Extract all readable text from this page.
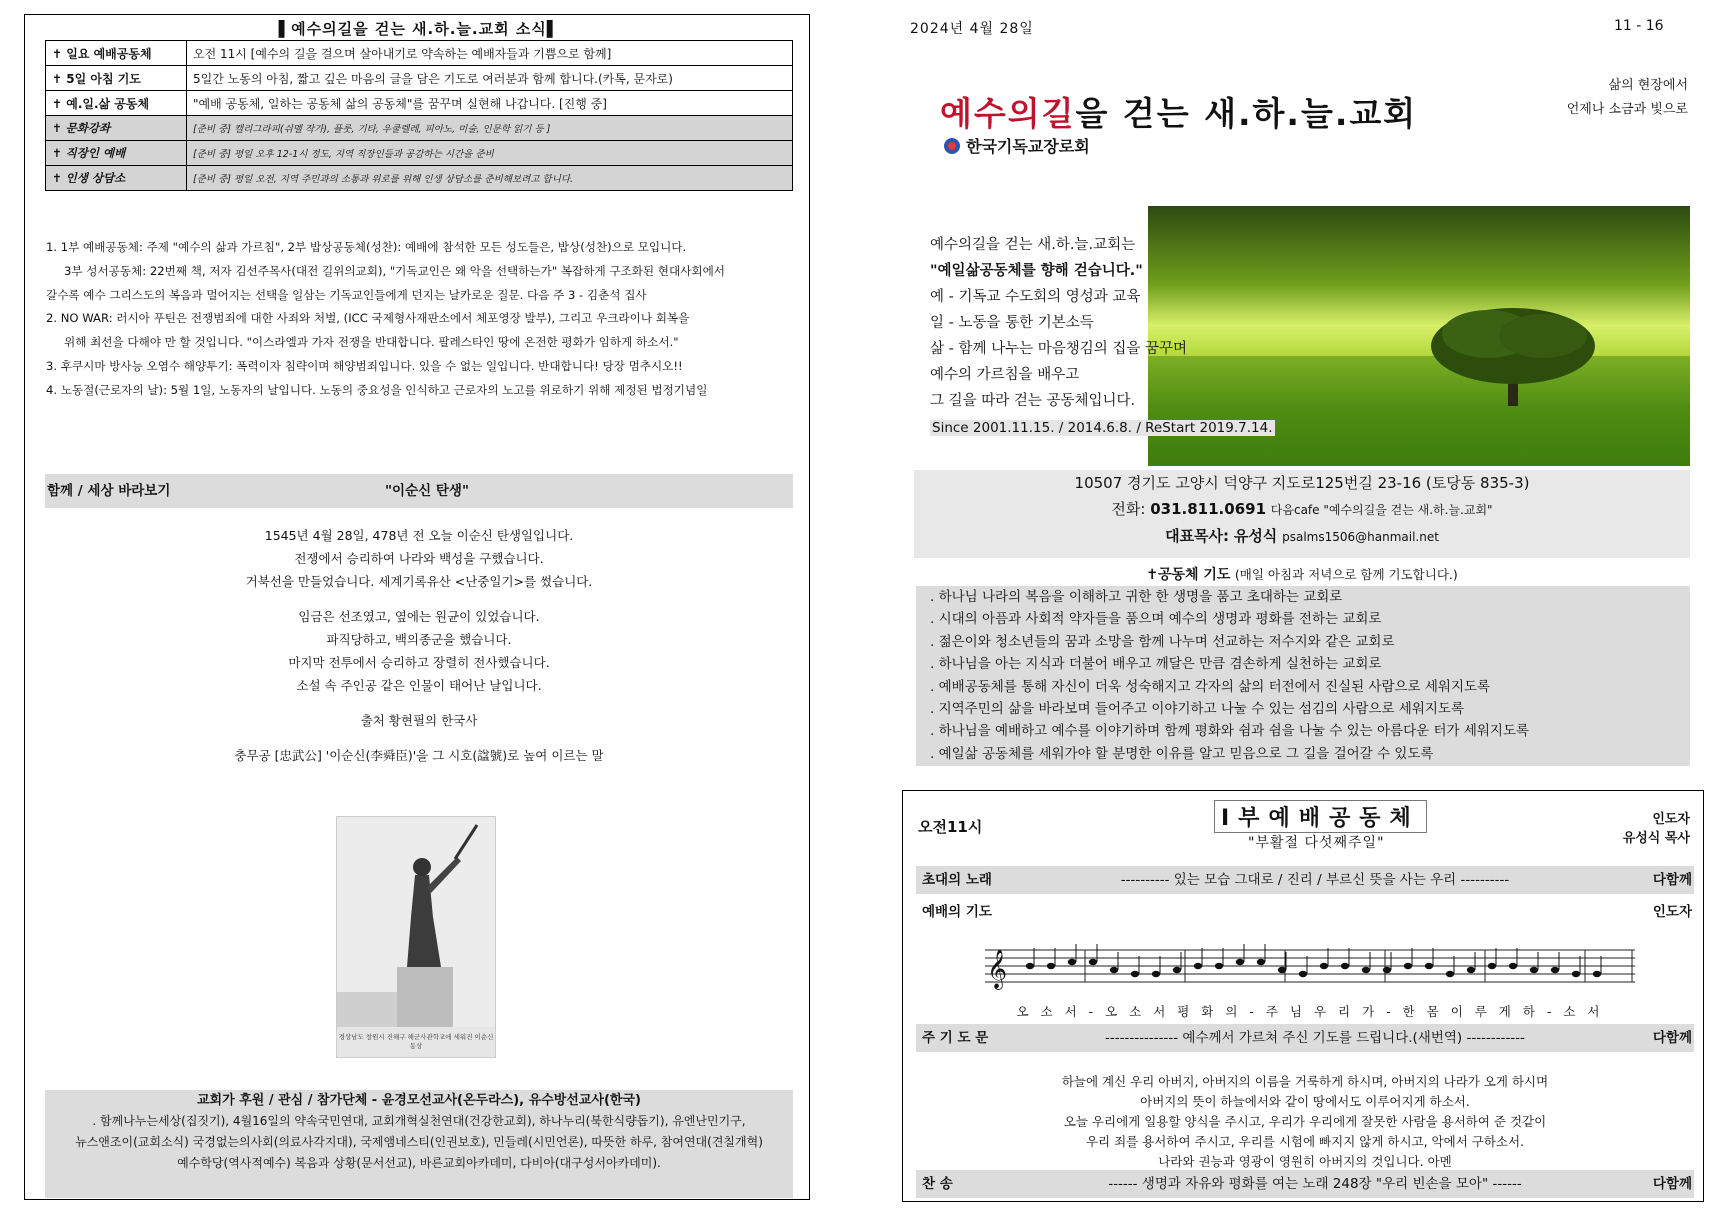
▌예수의길을 걷는 새.하.늘.교회 소식▌
✝ 일요 예배공동체	오전 11시 [예수의 길을 걸으며 살아내기로 약속하는 예배자들과 기쁨으로 함께]
✝ 5일 아침 기도	5일간 노동의 아침, 짧고 깊은 마음의 글을 담은 기도로 여러분과 함께 합니다.(카톡, 문자로)
✝ 예.일.삶 공동체	"예배 공동체, 일하는 공동체 삶의 공동체"를 꿈꾸며 실현해 나갑니다. [진행 중]
✝ 문화강좌	[준비 중] 캘리그라피(쉬멜 작가), 플룻, 기타, 우쿨렐레, 피아노, 미술, 인문학 읽기 등 ]
✝ 직장인 예배	[준비 중] 평일 오후 12-1시 정도, 지역 직장인들과 공감하는 시간을 준비
✝ 인생 상담소	[준비 중] 평일 오전, 지역 주민과의 소통과 위로를 위해 인생 상담소를 준비해보려고 합니다.
1. 1부 예배공동체: 주제 "예수의 삶과 가르침", 2부 밥상공동체(성찬): 예배에 참석한 모든 성도들은, 밥상(성찬)으로 모입니다.
3부 성서공동체: 22번째 책, 저자 김선주목사(대전 길위의교회), "기독교인은 왜 악을 선택하는가" 복잡하게 구조화된 현대사회에서
갈수록 예수 그리스도의 복음과 멀어지는 선택을 일삼는 기독교인들에게 던지는 날카로운 질문. 다음 주 3 - 김춘석 집사
2. NO WAR: 러시아 푸틴은 전쟁범죄에 대한 사죄와 처벌, (ICC 국제형사재판소에서 체포영장 발부), 그리고 우크라이나 회복을
위해 최선을 다해야 만 할 것입니다. "이스라엘과 가자 전쟁을 반대합니다. 팔레스타인 땅에 온전한 평화가 임하게 하소서."
3. 후쿠시마 방사능 오염수 해양투기: 폭력이자 침략이며 해양범죄입니다. 있을 수 없는 일입니다. 반대합니다! 당장 멈추시오!!
4. 노동절(근로자의 날): 5월 1일, 노동자의 날입니다. 노동의 중요성을 인식하고 근로자의 노고를 위로하기 위해 제정된 법정기념일
함께 / 세상 바라보기	"이순신 탄생"
1545년 4월 28일, 478년 전 오늘 이순신 탄생일입니다.
전쟁에서 승리하여 나라와 백성을 구했습니다.
거북선을 만들었습니다. 세계기록유산 <난중일기>를 썼습니다.
임금은 선조였고, 옆에는 원균이 있었습니다.
파직당하고, 백의종군을 했습니다.
마지막 전투에서 승리하고 장렬히 전사했습니다.
소설 속 주인공 같은 인물이 태어난 날입니다.
출처 황현필의 한국사
충무공 [忠武公] '이순신(李舜臣)'을 그 시호(諡號)로 높여 이르는 말
경상남도 창원시 진해구 해군사관학교에 세워진 이순신 동상
교회가 후원 / 관심 / 참가단체 - 윤경모선교사(온두라스), 유수방선교사(한국)
. 함께나누는세상(집짓기), 4월16일의 약속국민연대, 교회개혁실천연대(건강한교회), 하나누리(북한식량돕기), 유엔난민기구,
뉴스앤조이(교회소식) 국경없는의사회(의료사각지대), 국제앰네스티(인권보호), 민들레(시민언론), 따뜻한 하루, 참여연대(견칠개혁)
예수학당(역사적예수) 복음과 상황(문서선교), 바른교회아카데미, 다비아(대구성서아카데미).
2024년 4월 28일	11 - 16
삶의 현장에서
언제나 소금과 빛으로
예수의길을 걷는 새.하.늘.교회
한국기독교장로회
예수의길을 걷는 새.하.늘.교회는
"예일삶공동체를 향해 걷습니다."
예 - 기독교 수도회의 영성과 교육
일 - 노동을 통한 기본소득
삶 - 함께 나누는 마음챙김의 집을 꿈꾸며
예수의 가르침을 배우고
그 길을 따라 걷는 공동체입니다.
Since 2001.11.15. / 2014.6.8. / ReStart 2019.7.14.
10507 경기도 고양시 덕양구 지도로125번길 23-16 (토당동 835-3)
전화: 031.811.0691 다음cafe "예수의길을 걷는 새.하.늘.교회"
대표목사: 유성식 psalms1506@hanmail.net
✝공동체 기도 (매일 아침과 저녁으로 함께 기도합니다.)
. 하나님 나라의 복음을 이해하고 귀한 한 생명을 품고 초대하는 교회로
. 시대의 아픔과 사회적 약자들을 품으며 예수의 생명과 평화를 전하는 교회로
. 젊은이와 청소년들의 꿈과 소망을 함께 나누며 선교하는 저수지와 같은 교회로
. 하나님을 아는 지식과 더불어 배우고 깨달은 만큼 겸손하게 실천하는 교회로
. 예배공동체를 통해 자신이 더욱 성숙해지고 각자의 삶의 터전에서 진실된 사람으로 세워지도록
. 지역주민의 삶을 바라보며 들어주고 이야기하고 나눌 수 있는 섬김의 사람으로 세워지도록
. 하나님을 예배하고 예수를 이야기하며 함께 평화와 쉼과 쉼을 나눌 수 있는 아름다운 터가 세워지도록
. 예일삶 공동체를 세워가야 할 분명한 이유를 알고 믿음으로 그 길을 걸어갈 수 있도록
오전11시	I부예배공동체
"부활절 다섯째주일"
인도자
유성식 목사
초대의 노래	---------- 있는 모습 그대로 / 진리 / 부르신 뜻을 사는 우리 ----------	다함께
예배의 기도	인도자
𝄞
오 소 서 - 오 소 서 평 화 의 - 주 님 우 리 가 - 한 몸 이 루 게 하 - 소 서
주 기 도 문	--------------- 예수께서 가르쳐 주신 기도를 드립니다.(새번역) ------------	다함께
하늘에 계신 우리 아버지, 아버지의 이름을 거룩하게 하시며, 아버지의 나라가 오게 하시며
아버지의 뜻이 하늘에서와 같이 땅에서도 이루어지게 하소서.
오늘 우리에게 일용할 양식을 주시고, 우리가 우리에게 잘못한 사람을 용서하여 준 것같이
우리 죄를 용서하여 주시고, 우리를 시험에 빠지지 않게 하시고, 악에서 구하소서.
나라와 권능과 영광이 영원히 아버지의 것입니다. 아멘
찬 송	------ 생명과 자유와 평화를 여는 노래 248장 "우리 빈손을 모아" ------	다함께
